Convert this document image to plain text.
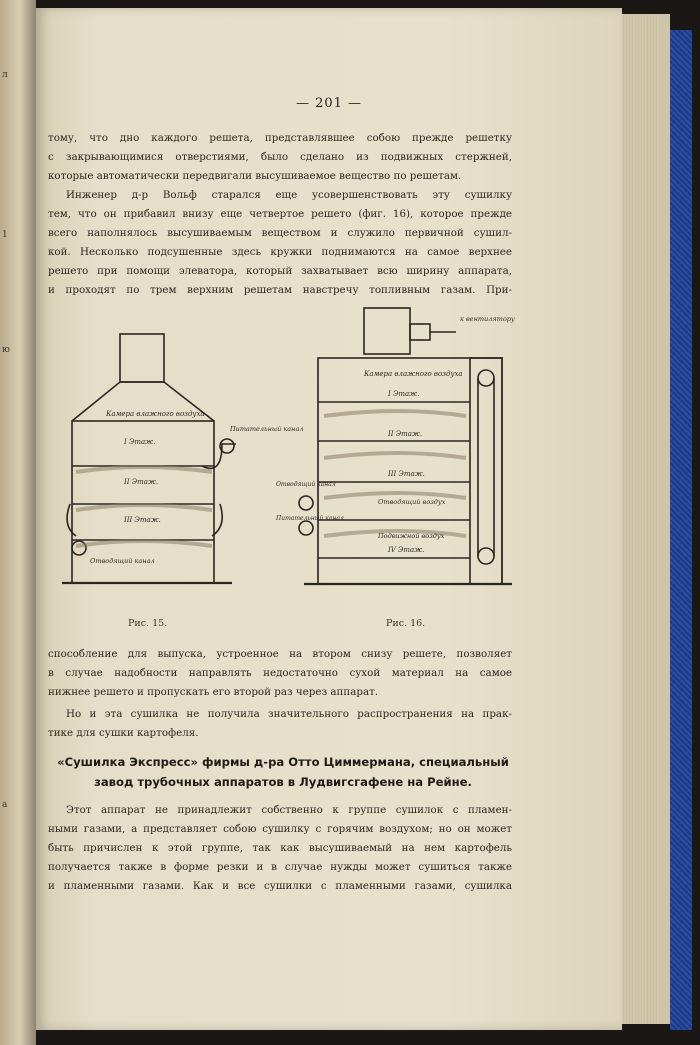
л
1
ю
а
— 201 —
тому, что дно каждого решета, представлявшее собою прежде решетку
с закрывающимися отверстиями, было сделано из подвижных стержней,
которые автоматически передвигали высушиваемое вещество по решетам.
Инженер д-р Вольф старался еще усовершенствовать эту сушилку
тем, что он прибавил внизу еще четвертое решето (фиг. 16), которое прежде
всего наполнялось высушиваемым веществом и служило первичной сушил-
кой. Несколько подсушенные здесь кружки поднимаются на самое верхнее
решето при помощи элеватора, который захватывает всю ширину аппарата,
и проходят по трем верхним решетам навстречу топливным газам. При-
Камера влажного воздуха
I Этаж.
II Этаж.
III Этаж.
Отводящий канал
Питательный канал
Рис. 15.
к вентилятору
Камера влажного воздуха
I Этаж.
II Этаж.
III Этаж.
IV Этаж.
Отводящий канал
Питательный канал
Отводящий воздух
Подвижной воздух
Рис. 16.
способление для выпуска, устроенное на втором снизу решете, позволяет
в случае надобности направлять недостаточно сухой материал на самое
нижнее решето и пропускать его второй раз через аппарат.
Но и эта сушилка не получила значительного распространения на прак-
тике для сушки картофеля.
«Сушилка Экспресс» фирмы д-ра Отто Циммермана, специальный
завод трубочных аппаратов в Лудвигсгафене на Рейне.
Этот аппарат не принадлежит собственно к группе сушилок с пламен-
ными газами, а представляет собою сушилку с горячим воздухом; но он может
быть причислен к этой группе, так как высушиваемый на нем картофель
получается также в форме резки и в случае нужды может сушиться также
и пламенными газами. Как и все сушилки с пламенными газами, сушилка
